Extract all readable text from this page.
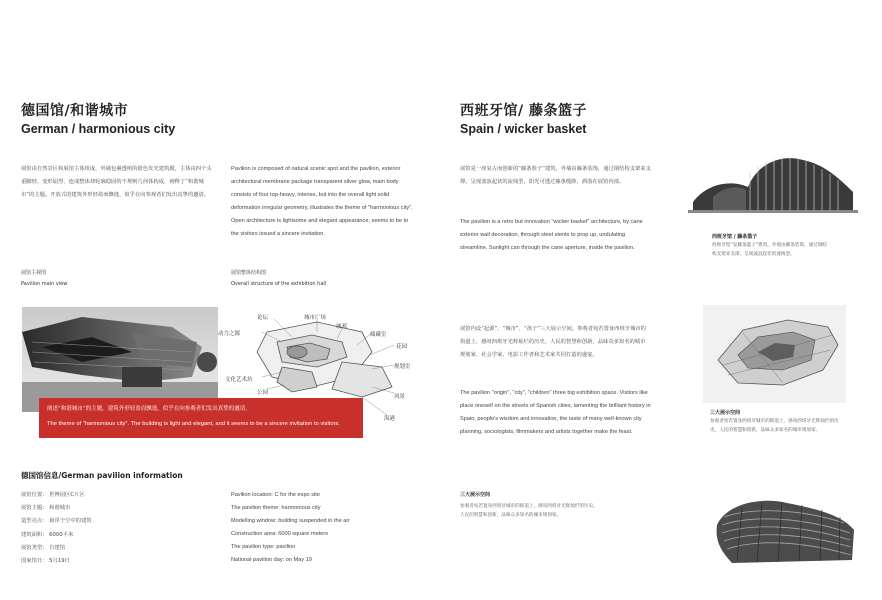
德国馆/和谐城市
German / harmonious city
展馆由自然景区和展馆主体组成，外墙包裹透明的银色发光建筑膜，主体由四个头重脚轻、变形崩烈、连成整体却轮廓稳固的不规则几何体构成，阐释了“和谐城市”的主题。开放式的建筑外形轻盈而飘逸，似乎在向参观者们发出真挚的邀请。
Pavilion is composed of natural scenic spot and the pavilion, exterior architectural membrane package transparent silver glow, main body consists of four top-heavy, intense, but into the overall light solid deformation irregular geometry, illustrates the theme of "harmonious city". Open architecture is lightsome and elegant appearance, seems to be to the visitors issued a sincere invitation.
展馆主视图
Pavilion main view
展馆整体结构图
Overall structure of the exhibition hall
动力之源
论坛	城市广场
城邦
储藏室
花园
规划室
文化艺术坊
公园
风景
海港
阐述“和谐城市”的主题。建筑外形轻盈而飘逸，似乎在向参观者们发出真挚的邀请。
The theme of "harmonious city". The building is light and elegant, and it seems to be a sincere invitation to visitors.
德国馆信息/German pavilion information
展馆位置： 世博园区C片区
展馆主题： 和谐城市
造型亮点： 悬浮于空中的建筑
建筑面积： 6000平米
展馆类型： 自建馆
国家馆日： 5月19日
Pavilion location: C for the expo site
The pavilion theme: harmonious city
Modelling window: building suspended in the air
Construction area: 6000 square meters
The pavilion type: pavilion
National pavilion day: on May 19
西班牙馆/ 藤条篮子
Spain / wicker basket
展馆是一座复古而创新的“藤条篮子”建筑，外墙由藤条装饰，通过钢结构支架来支撑，呈现波浪起伏的流线型。阳光可透过藤条缝隙，洒落在展馆内部。
The pavilion is a retro but innovation "wicker basket" architecture, by cane exterior wall decoration, through steel stents to prop up, undulating streamline. Sunlight can through the cane aperture, inside the pavilion.
西班牙馆 / 藤条篮子
西班牙馆“发藤条篮子”建筑，外墙由藤条装饰，通过钢结构支架来支撑，呈现波浪起伏的流线型。
展馆内设“起源”、“城市”、“孩子”三大展示空间。参观者宛若置身西班牙城市的街道上，感叹西班牙光辉灿烂的历史、人民的智慧和创新，品味众多知名的城市规划家、社会学家、电影工作者和艺术家共同打造的盛宴。
The pavilion "origin", "city", "children" three big exhibition space. Visitors like place oneself on the streets of Spanish cities, lamenting the brilliant history in Spain, people's wisdom and innovation, the taste of many well-known city planning, sociologists, filmmakers and artists together make the feast.
三大展示空间
参观者宛若置身西班牙城市的街道上，感叹西班牙光辉灿烂的历史、人民的智慧和创新，品味众多知名的城市规划家。
三大展示空间
参观者宛若置身西班牙城市的街道上，感叹西班牙光辉灿烂的历史、人民的智慧和创新，品味众多知名的城市规划家。
